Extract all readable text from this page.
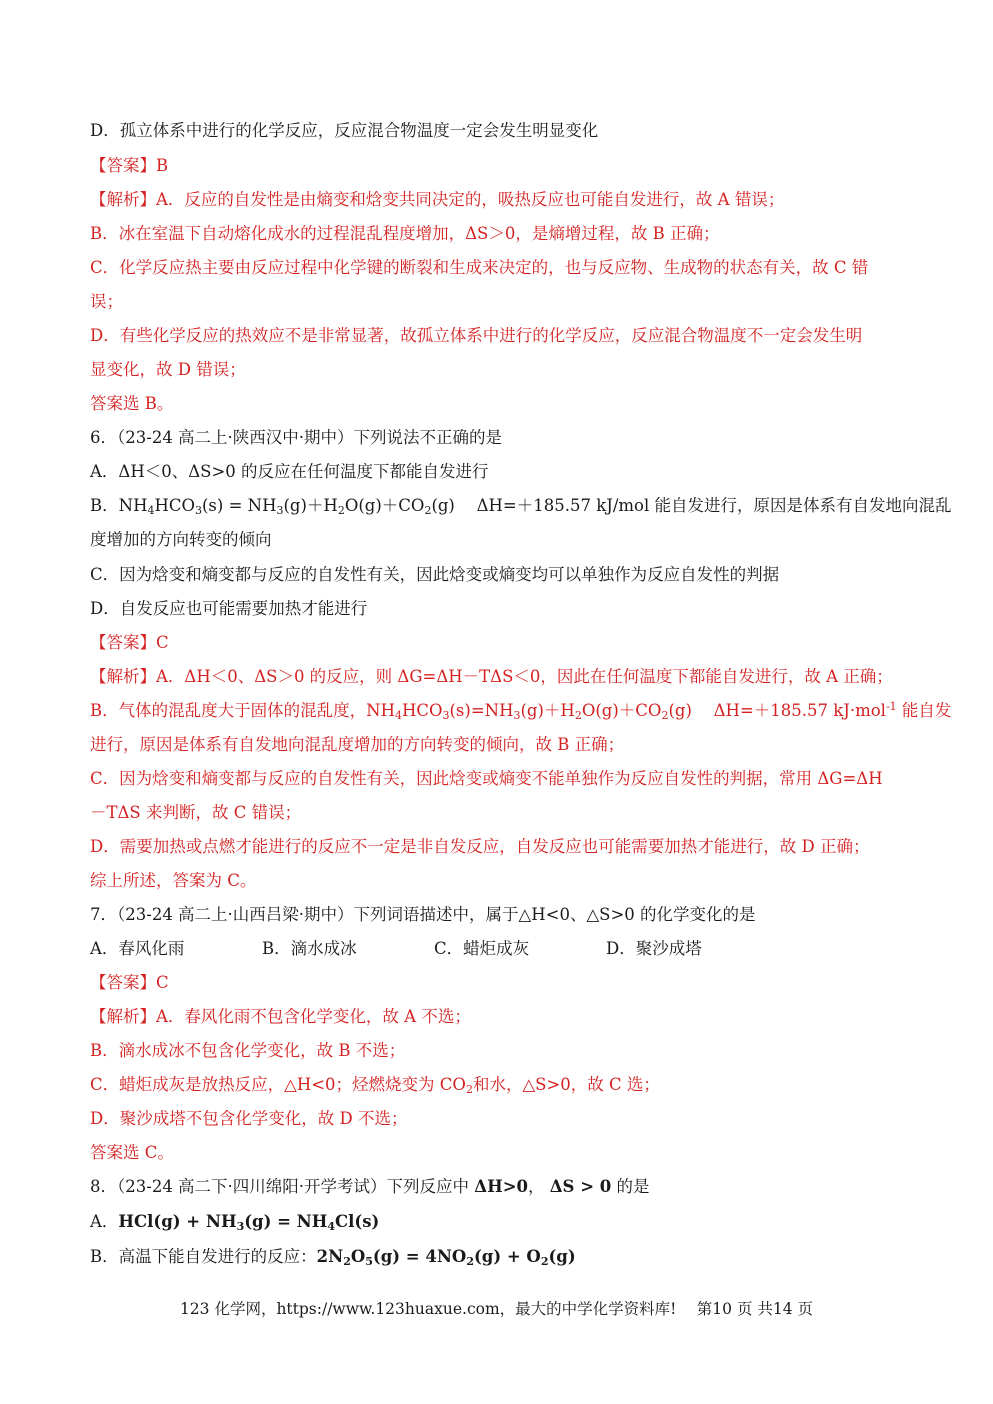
D．孤立体系中进行的化学反应，反应混合物温度一定会发生明显变化
【答案】B
【解析】A．反应的自发性是由熵变和焓变共同决定的，吸热反应也可能自发进行，故 A 错误；
B．冰在室温下自动熔化成水的过程混乱程度增加，ΔS＞0，是熵增过程，故 B 正确；
C．化学反应热主要由反应过程中化学键的断裂和生成来决定的，也与反应物、生成物的状态有关，故 C 错
误；
D．有些化学反应的热效应不是非常显著，故孤立体系中进行的化学反应，反应混合物温度不一定会发生明
显变化，故 D 错误；
答案选 B。
6．（23-24 高二上·陕西汉中·期中）下列说法不正确的是
A．ΔH＜0、ΔS>0 的反应在任何温度下都能自发进行
B．$NH_4HCO_3(s) = NH_3(g)+H_2O(g)+CO_2(g)$　 ΔH=＋185.57 kJ/mol 能自发进行，原因是体系有自发地向混乱
度增加的方向转变的倾向
C．因为焓变和熵变都与反应的自发性有关，因此焓变或熵变均可以单独作为反应自发性的判据
D．自发反应也可能需要加热才能进行
【答案】C
【解析】A．ΔH＜0、ΔS＞0 的反应，则 ΔG=ΔH－TΔS＜0，因此在任何温度下都能自发进行，故 A 正确；
B．气体的混乱度大于固体的混乱度，$NH_4HCO_3(s)=NH_3(g)+H_2O(g)+CO_2(g)$　 ΔH=＋185.57 kJ·mol$^{-1}$ 能自发
进行，原因是体系有自发地向混乱度增加的方向转变的倾向，故 B 正确；
C．因为焓变和熵变都与反应的自发性有关，因此焓变或熵变不能单独作为反应自发性的判据，常用 ΔG=ΔH
－TΔS 来判断，故 C 错误；
D．需要加热或点燃才能进行的反应不一定是非自发反应，自发反应也可能需要加热才能进行，故 D 正确；
综上所述，答案为 C。
7．（23-24 高二上·山西吕梁·期中）下列词语描述中，属于△H<0、△S>0 的化学变化的是
A．春风化雨	B．滴水成冰	C．蜡炬成灰	D．聚沙成塔
【答案】C
【解析】A．春风化雨不包含化学变化，故 A 不选；
B．滴水成冰不包含化学变化，故 B 不选；
C．蜡炬成灰是放热反应，△H<0；烃燃烧变为 $CO_2$和水，△S>0，故 C 选；
D．聚沙成塔不包含化学变化，故 D 不选；
答案选 C。
8．（23-24 高二下·四川绵阳·开学考试）下列反应中 ΔH>0， ΔS > 0 的是
A．$HCl(g) + NH_3(g) = NH_4Cl(s)$
B．高温下能自发进行的反应：$2N_2O_5(g) = 4NO_2(g) + O_2(g)$
123 化学网，https://www.123huaxue.com，最大的中学化学资料库!　 第10 页 共14 页
